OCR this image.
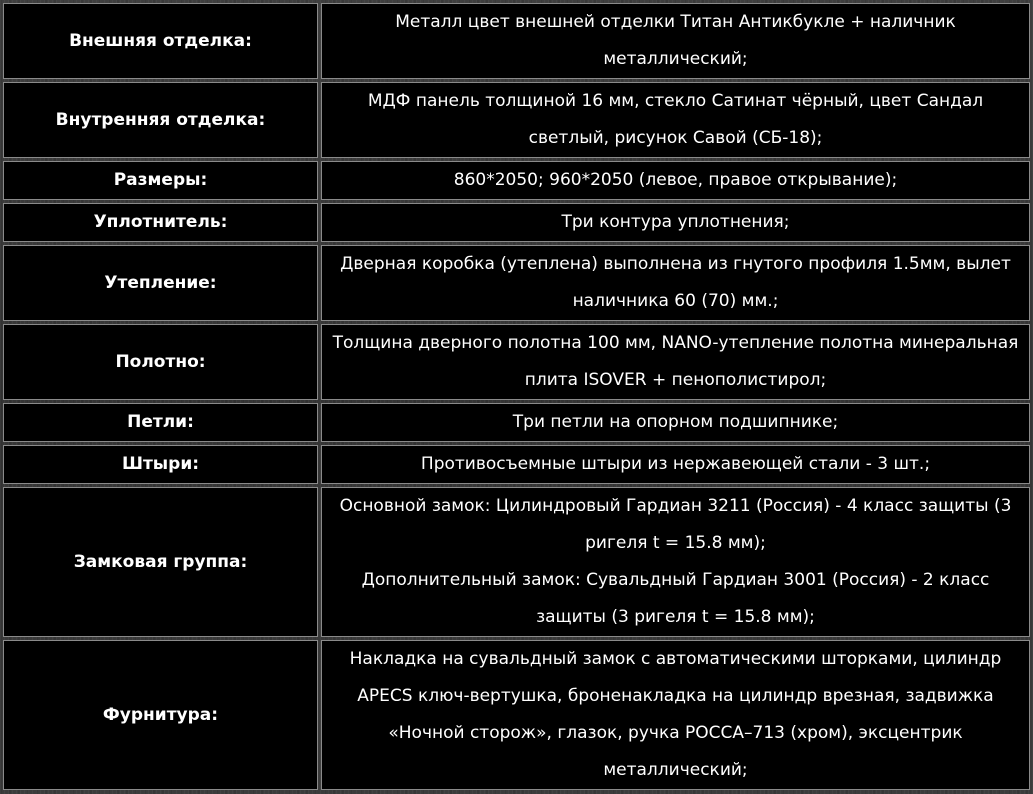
Внешняя отделка:	Металл цвет внешней отделки Титан Антикбукле + наличник металлический;

Внутренняя отделка:	МДФ панель толщиной 16 мм, стекло Сатинат чёрный, цвет Сандал светлый, рисунок Савой (СБ-18);

Размеры:	860*2050; 960*2050 (левое, правое открывание);

Уплотнитель:	Три контура уплотнения;

Утепление:	Дверная коробка (утеплена) выполнена из гнутого профиля 1.5мм, вылет наличника 60 (70) мм.;

Полотно:	Толщина дверного полотна 100 мм, NANO-утепление полотна минеральная плита ISOVER + пенополистирол;

Петли:	Три петли на опорном подшипнике;

Штыри:	Противосъемные штыри из нержавеющей стали - 3 шт.;

Замковая группа:	Основной замок: Цилиндровый Гардиан 3211 (Россия) - 4 класс защиты (3 ригеля t = 15.8 мм);
Дополнительный замок: Сувальдный Гардиан 3001 (Россия) - 2 класс защиты (3 ригеля t = 15.8 мм);

Фурнитура:	Накладка на сувальдный замок с автоматическими шторками, цилиндр APECS ключ-вертушка, броненакладка на цилиндр врезная, задвижка «Ночной сторож», глазок, ручка РОССА–713 (хром), эксцентрик металлический;
